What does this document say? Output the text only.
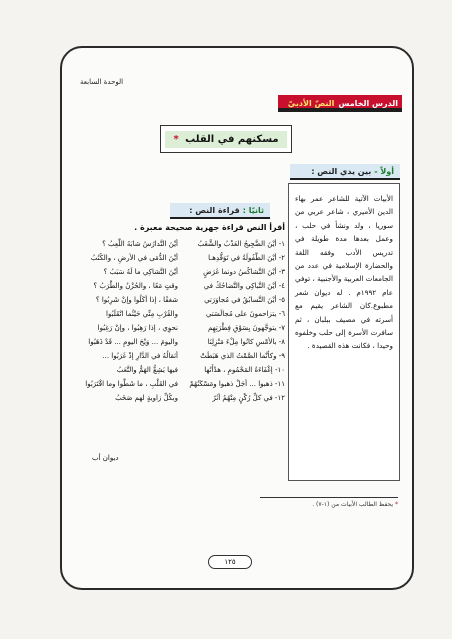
الوحدة السابعة
الدرس الخامس
النصّ الأدبيّ
مسكنهم في القلب *
أولاً -
بين يدي النص :
الأبيات الآتية للشاعر عمر بهاء الدين الأميري ، شاعر عربي من سوريا ، ولد ونشأ في حلب ، وعمل بعدها مدة طويلة في تدريس الأدب وفقه اللغة والحضارة الإسلامية في عدد من الجامعات العربية والأجنبية ، توفي عام ١٩٩٢م . له ديوان شعر مطبوع.كان الشاعر يقيم مع أسرته في مصيف ببلبان ، ثم سافرت الأسرة إلى حلب وخلفوه وحيدا ، فكانت هذه القصيدة .
ثانيًا :
قراءة النص :
أقرأ النص قراءة جهرية صحيحة معبرة .
١- أيْنَ الضَّجِيجُ العَذْبُ والشَّغَبُ
أيْنَ التَّدارُسُ شابَهُ اللَّعِبُ ؟
٢- أيْنَ الطُّفُولَةُ في تَوَقُّدِهـا
أيْنَ الدُّمَى في الأرضِ ، والكُتُبُ
٣- أيْنَ التَّشاكُسُ دونما غَرَضٍ
أيْنَ التَّشاكِي ما لَهُ سَبَبُ ؟
٤- أيْنَ التَّباكِي والتَّضاحُكُ في
وقتٍ مَعًا ، والحُزْنُ والطَّرَبُ ؟
٥- أيْنَ التَّسابُقُ في مُجاوَرَتي
شغفًا ، إذا أكَلُوا وإنْ شَرِبُوا ؟
٦- يتزاحمونَ على مُجالَسَتي
والقُرْبِ مِنِّي حَيْثُما انْقَلَبُوا
٧- يتوجَّهونَ بِسَوْقِ فِطْرَتِهِم
نحوِي ، إذا رَهِبُوا ، وإنْ رَغِبُوا
٨- بالأمْسِ كانُوا مِلْءَ مَنْزِلِنَا
واليومَ ... وَيْحَ اليومِ ... قَدْ ذَهَبُوا
٩- وكأنَّما الصَّمْتُ الذي هَبَطَتْ
أثقالُهُ في الدَّارِ إذْ غَرَبُوا ...
١٠- إغْفَاءَةُ المَحْمُومِ ، هدْأَتُها
فيها يَشِعُّ الهَمُّ والتَّعَبُ
١١- ذهبوا ... أجَلْ ذهبوا ومَسْكَنُهُمْ
في القَلْبِ ، ما شَطُّوا وما اقْتَرَبُوا
١٢- في كلِّ رُكْنٍ مِنْهُمُ أثَرٌ
وبكُلِّ زاويةٍ لهم صَخَبُ
ديوان أب
* يحفظ الطالب الأبيات من (١-٧) .
١٢٥
